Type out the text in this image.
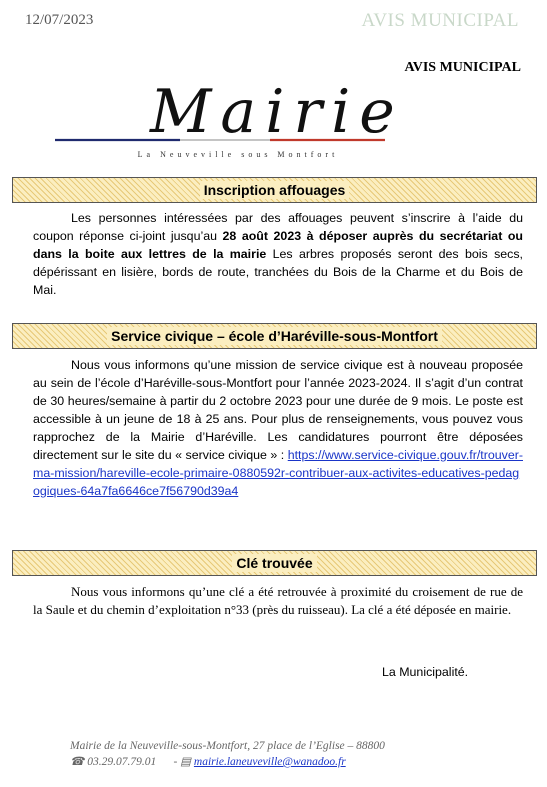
12/07/2023	AVIS MUNICIPAL
AVIS MUNICIPAL
Mairie
La Neuveville sous Montfort
Inscription affouages
Les personnes intéressées par des affouages peuvent s’inscrire à l’aide du coupon réponse ci-joint jusqu’au 28 août 2023 à déposer auprès du secrétariat ou dans la boite aux lettres de la mairie Les arbres proposés seront des bois secs, dépérissant en lisière, bords de route, tranchées du Bois de la Charme et du Bois de Mai.
Service civique – école d’Haréville-sous-Montfort
Nous vous informons qu’une mission de service civique est à nouveau proposée au sein de l’école d’Haréville-sous-Montfort pour l’année 2023-2024. Il s’agit d’un contrat de 30 heures/semaine à partir du 2 octobre 2023 pour une durée de 9 mois. Le poste est accessible à un jeune de 18 à 25 ans. Pour plus de renseignements, vous pouvez vous rapprochez de la Mairie d’Haréville. Les candidatures pourront être déposées directement sur le site du « service civique » : https://www.service-civique.gouv.fr/trouver-ma-mission/hareville-ecole-primaire-0880592r-contribuer-aux-activites-educatives-pedagogiques-64a7fa6646ce7f56790d39a4
Clé trouvée
Nous vous informons qu’une clé a été retrouvée à proximité du croisement de rue de la Saule et du chemin d’exploitation n°33 (près du ruisseau). La clé a été déposée en mairie.
La Municipalité.
Mairie de la Neuveville-sous-Montfort, 27 place de l’Eglise – 88800
☎ 03.29.07.79.01 - ▤ mairie.laneuveville@wanadoo.fr
